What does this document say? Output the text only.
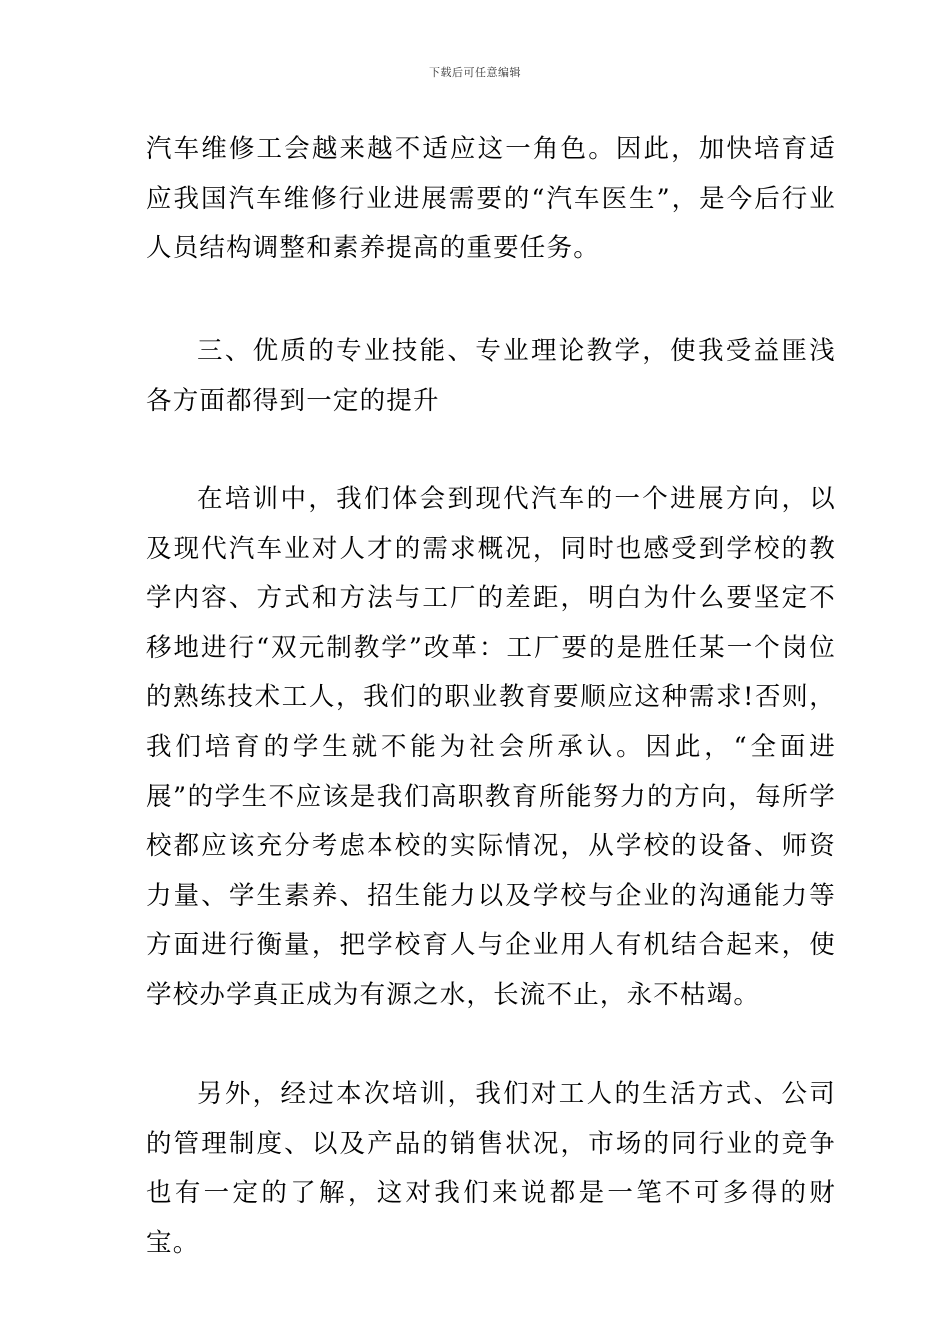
下载后可任意编辑

汽车维修工会越来越不适应这一角色。因此，加快培育适应我国汽车维修行业进展需要的“汽车医生”，是今后行业人员结构调整和素养提高的重要任务。

三、优质的专业技能、专业理论教学，使我受益匪浅各方面都得到一定的提升

在培训中，我们体会到现代汽车的一个进展方向，以及现代汽车业对人才的需求概况，同时也感受到学校的教学内容、方式和方法与工厂的差距，明白为什么要坚定不移地进行“双元制教学”改革：工厂要的是胜任某一个岗位的熟练技术工人，我们的职业教育要顺应这种需求!否则，我们培育的学生就不能为社会所承认。因此，“全面进展”的学生不应该是我们高职教育所能努力的方向，每所学校都应该充分考虑本校的实际情况，从学校的设备、师资力量、学生素养、招生能力以及学校与企业的沟通能力等方面进行衡量，把学校育人与企业用人有机结合起来，使学校办学真正成为有源之水，长流不止，永不枯竭。

另外，经过本次培训，我们对工人的生活方式、公司的管理制度、以及产品的销售状况，市场的同行业的竞争也有一定的了解，这对我们来说都是一笔不可多得的财宝。
